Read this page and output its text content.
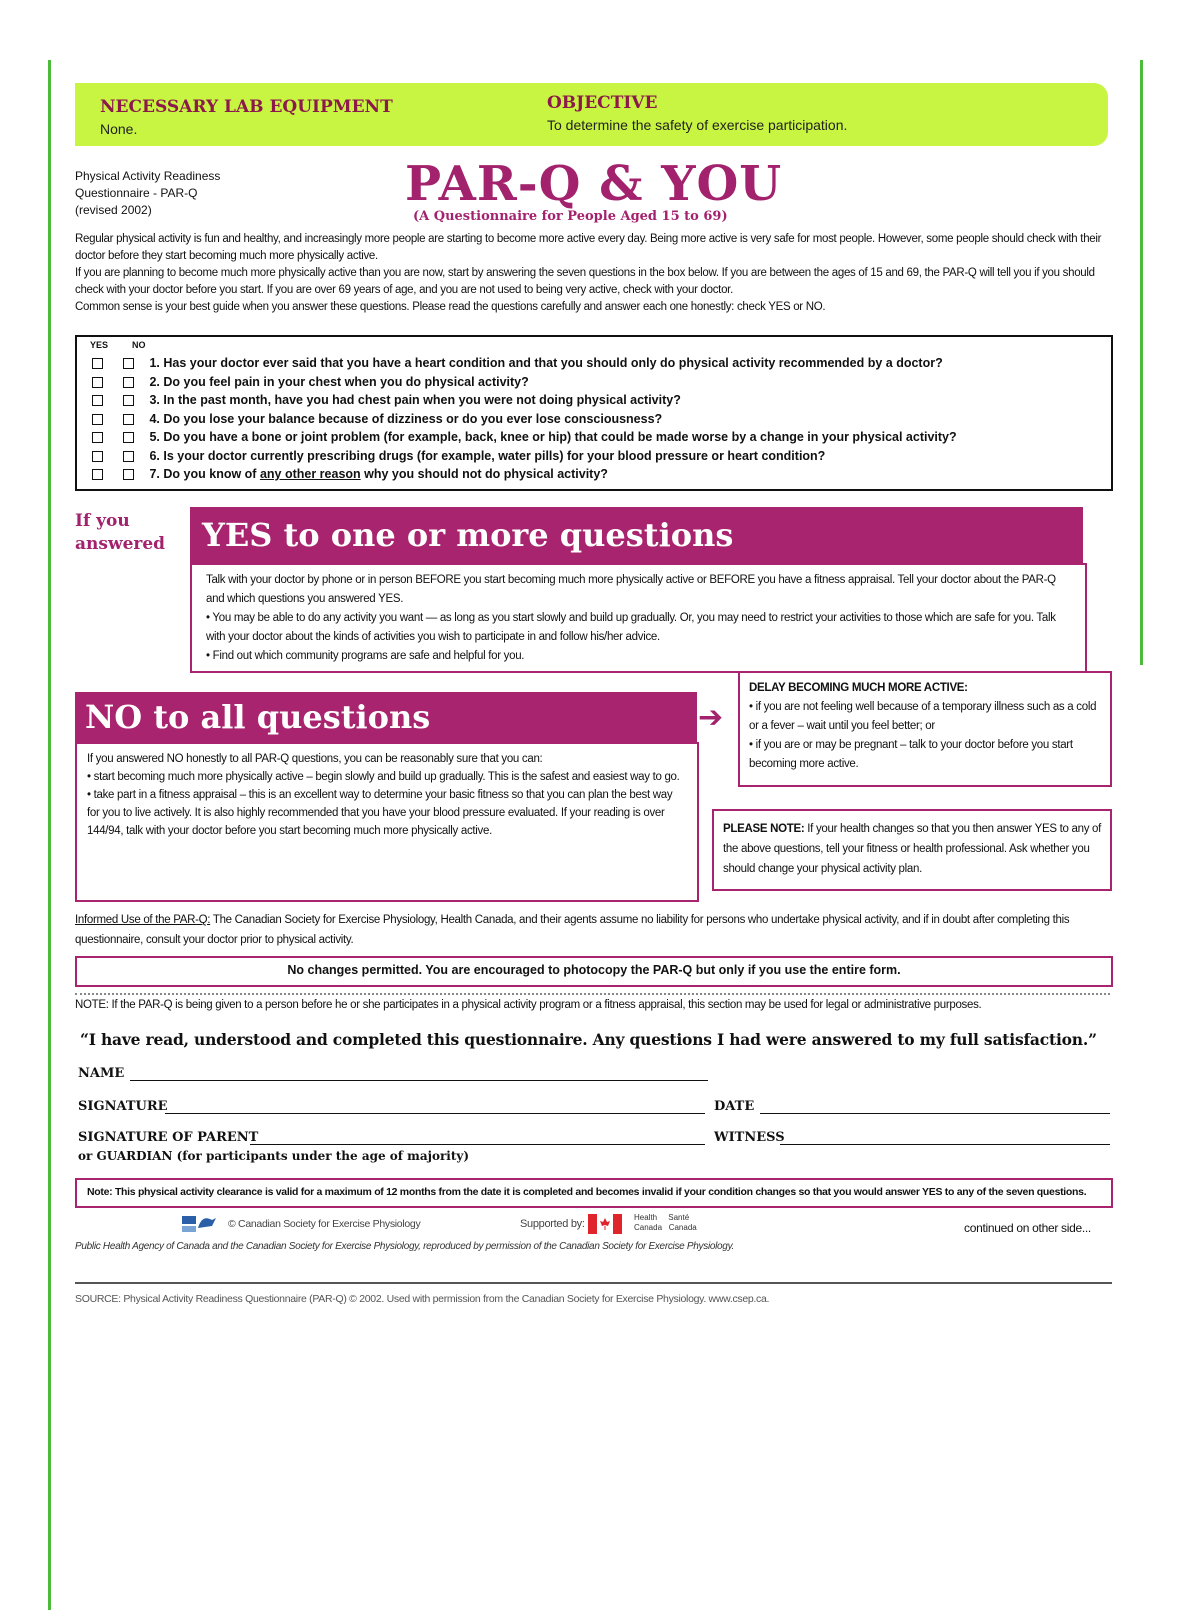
NECESSARY LAB EQUIPMENT
None.
OBJECTIVE
To determine the safety of exercise participation.
Physical Activity Readiness
Questionnaire - PAR-Q
(revised 2002)	PAR-Q & YOU
(A Questionnaire for People Aged 15 to 69)
Regular physical activity is fun and healthy, and increasingly more people are starting to become more active every day. Being more active is very safe for most people. However, some people should check with their doctor before they start becoming much more physically active.
If you are planning to become much more physically active than you are now, start by answering the seven questions in the box below. If you are between the ages of 15 and 69, the PAR-Q will tell you if you should check with your doctor before you start. If you are over 69 years of age, and you are not used to being very active, check with your doctor.
Common sense is your best guide when you answer these questions. Please read the questions carefully and answer each one honestly: check YES or NO.
YES	NO
1. Has your doctor ever said that you have a heart condition and that you should only do physical activity recommended by a doctor?
2. Do you feel pain in your chest when you do physical activity?
3. In the past month, have you had chest pain when you were not doing physical activity?
4. Do you lose your balance because of dizziness or do you ever lose consciousness?
5. Do you have a bone or joint problem (for example, back, knee or hip) that could be made worse by a change in your physical activity?
6. Is your doctor currently prescribing drugs (for example, water pills) for your blood pressure or heart condition?
7. Do you know of any other reason why you should not do physical activity?
If you
answered YES to one or more questions
Talk with your doctor by phone or in person BEFORE you start becoming much more physically active or BEFORE you have a fitness appraisal. Tell your doctor about the PAR-Q and which questions you answered YES.
• You may be able to do any activity you want — as long as you start slowly and build up gradually. Or, you may need to restrict your activities to those which are safe for you. Talk with your doctor about the kinds of activities you wish to participate in and follow his/her advice.
• Find out which community programs are safe and helpful for you.
NO to all questions	➔
If you answered NO honestly to all PAR-Q questions, you can be reasonably sure that you can:
• start becoming much more physically active – begin slowly and build up gradually. This is the safest and easiest way to go.
• take part in a fitness appraisal – this is an excellent way to determine your basic fitness so that you can plan the best way for you to live actively. It is also highly recommended that you have your blood pressure evaluated. If your reading is over 144/94, talk with your doctor before you start becoming much more physically active.
DELAY BECOMING MUCH MORE ACTIVE:
• if you are not feeling well because of a temporary illness such as a cold or a fever – wait until you feel better; or
• if you are or may be pregnant – talk to your doctor before you start becoming more active.
PLEASE NOTE: If your health changes so that you then answer YES to any of the above questions, tell your fitness or health professional. Ask whether you should change your physical activity plan.
Informed Use of the PAR-Q: The Canadian Society for Exercise Physiology, Health Canada, and their agents assume no liability for persons who undertake physical activity, and if in doubt after completing this questionnaire, consult your doctor prior to physical activity.
No changes permitted. You are encouraged to photocopy the PAR-Q but only if you use the entire form.
NOTE: If the PAR-Q is being given to a person before he or she participates in a physical activity program or a fitness appraisal, this section may be used for legal or administrative purposes.
“I have read, understood and completed this questionnaire. Any questions I had were answered to my full satisfaction.”
NAME
SIGNATURE	DATE
SIGNATURE OF PARENT	WITNESS
or GUARDIAN (for participants under the age of majority)
Note: This physical activity clearance is valid for a maximum of 12 months from the date it is completed and becomes invalid if your condition changes so that you would answer YES to any of the seven questions.
© Canadian Society for Exercise Physiology	Supported by:
Health Santé
Canada Canada	continued on other side...
Public Health Agency of Canada and the Canadian Society for Exercise Physiology, reproduced by permission of the Canadian Society for Exercise Physiology.
SOURCE: Physical Activity Readiness Questionnaire (PAR-Q) © 2002. Used with permission from the Canadian Society for Exercise Physiology. www.csep.ca.
